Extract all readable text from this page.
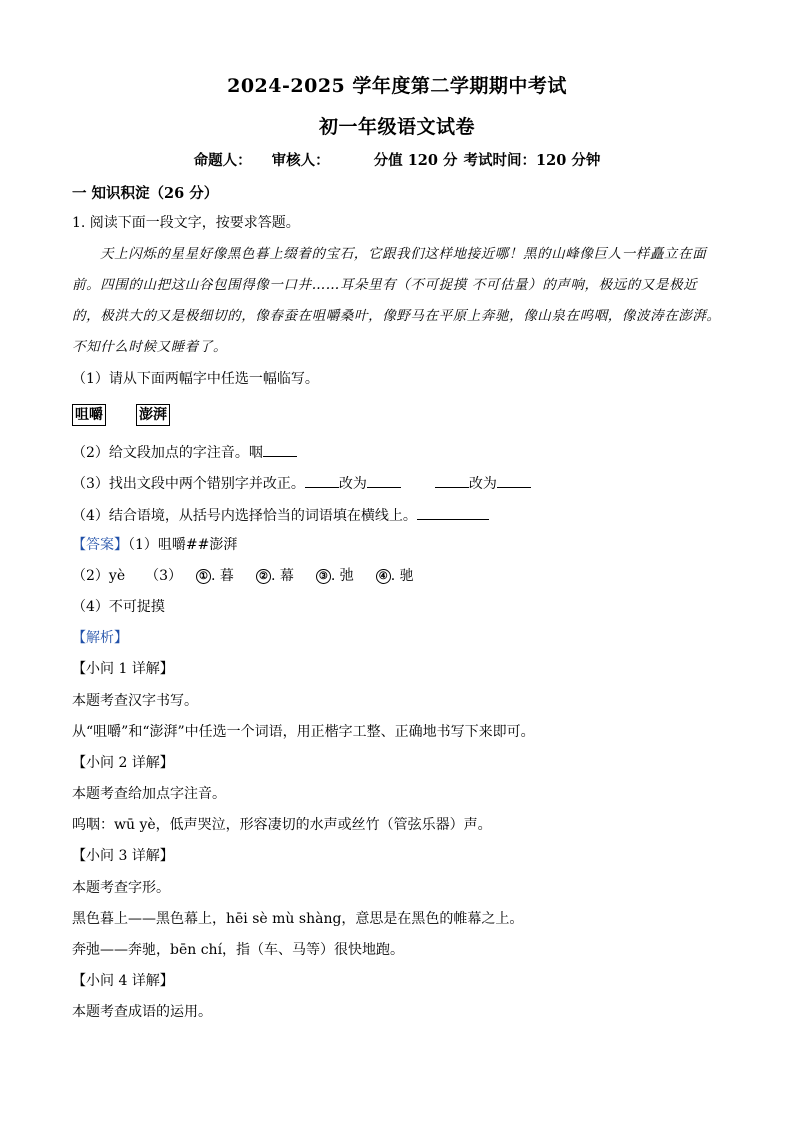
2024-2025 学年度第二学期期中考试
初一年级语文试卷
命题人： 审核人：	分值 120 分 考试时间：120 分钟
一 知识积淀（26 分）
1. 阅读下面一段文字，按要求答题。
天上闪烁的星星好像黑色暮上缀着的宝石，它跟我们这样地接近哪！黑的山峰像巨人一样矗立在面
前。四围的山把这山谷包围得像一口井……耳朵里有（不可捉摸 不可估量）的声响，极远的又是极近
的，极洪大的又是极细切的，像春蚕在咀嚼桑叶，像野马在平原上奔驰，像山泉在呜咽，像波涛在澎湃。
不知什么时候又睡着了。
（1）请从下面两幅字中任选一幅临写。
咀嚼	澎湃
（2）给文段加点的字注音。咽
（3）找出文段中两个错别字并改正。 改为	改为
（4）结合语境，从括号内选择恰当的词语填在横线上。
【答案】（1）咀嚼##澎湃
（2）yè （3） ① . 暮	② . 幕	③ . 弛	④ . 驰
（4）不可捉摸
【解析】
【小问 1 详解】
本题考查汉字书写。
从“咀嚼”和“澎湃”中任选一个词语，用正楷字工整、正确地书写下来即可。
【小问 2 详解】
本题考查给加点字注音。
呜咽：wū yè，低声哭泣，形容凄切的水声或丝竹（管弦乐器）声。
【小问 3 详解】
本题考查字形。
黑色暮上——黑色幕上，hēi sè mù shàng，意思是在黑色的帷幕之上。
奔弛——奔驰，bēn chí，指（车、马等）很快地跑。
【小问 4 详解】
本题考查成语的运用。
